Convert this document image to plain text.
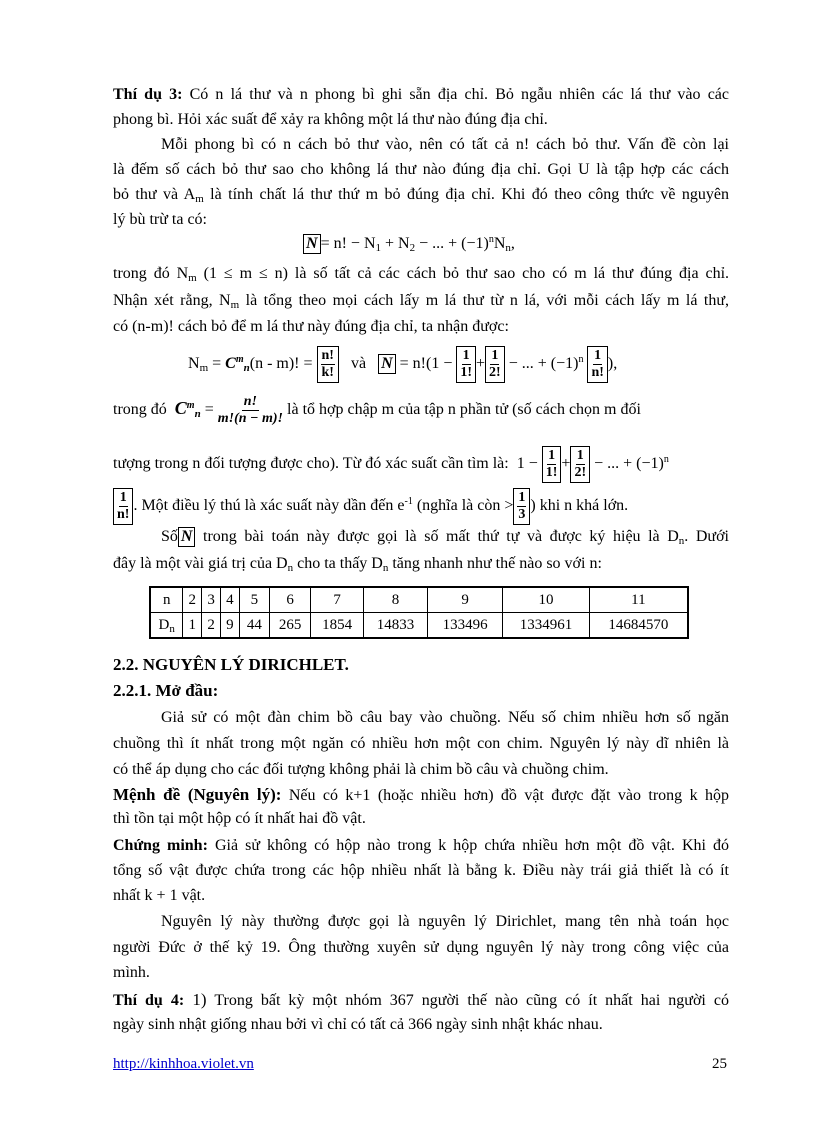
Thí dụ 3: Có n lá thư và n phong bì ghi sẵn địa chỉ. Bỏ ngẫu nhiên các lá thư vào các
phong bì. Hỏi xác suất để xảy ra không một lá thư nào đúng địa chỉ.
Mỗi phong bì có n cách bỏ thư vào, nên có tất cả n! cách bỏ thư. Vấn đề còn lại
là đếm số cách bỏ thư sao cho không lá thư nào đúng địa chỉ. Gọi U là tập hợp các cách
bỏ thư và $A_m$ là tính chất lá thư thứ m bỏ đúng địa chỉ. Khi đó theo công thức về nguyên
lý bù trừ ta có:
$\overline{N} = n$! − $N_1 + N_2$ − ... + $(-1)^nN_n$,
trong đó $N_m$ (1 ≤ m ≤ n) là số tất cả các cách bỏ thư sao cho có m lá thư đúng địa chỉ.
Nhận xét rằng, $N_m$ là tổng theo mọi cách lấy m lá thư từ n lá, với mỗi cách lấy m lá thư,
có (n-m)! cách bỏ để m lá thư này đúng địa chỉ, ta nhận được:
$N_m = C^m_n(n - m)$! = $\frac{n!}{k!}$ và $\overline{N} = n!(1 - \frac{1}{1!} + \frac{1}{2!}$ − ... + $(-1)^n \frac{1}{n!}$ ),
trong đó $C^m_n = \frac{n!}{m!(n - m)!}$ là tổ hợp chập m của tập n phần tử (số cách chọn m đối
tượng trong n đối tượng được cho). Từ đó xác suất cần tìm là: $1 - \frac{1}{1!} + \frac{1}{2!}$ − ... + $(-1)^n$
$\frac{1}{n!}$ . Một điều lý thú là xác suất này dần đến $e^{-1}$ (nghĩa là còn > $\frac{1}{3}$ ) khi n khá lớn.
Số $\overline{N}$ trong bài toán này được gọi là số mất thứ tự và được ký hiệu là $D_n$. Dưới
đây là một vài giá trị của $D_n$ cho ta thấy $D_n$ tăng nhanh như thế nào so với n:
n	2	3	4	5	6	7	8	9	10	11
$D_n$	1	2	9	44	265	1854	14833	133496	1334961	14684570
2.2. NGUYÊN LÝ DIRICHLET.
2.2.1. Mở đầu:
Giả sử có một đàn chim bồ câu bay vào chuồng. Nếu số chim nhiều hơn số ngăn
chuồng thì ít nhất trong một ngăn có nhiều hơn một con chim. Nguyên lý này dĩ nhiên là
có thể áp dụng cho các đối tượng không phải là chim bồ câu và chuồng chim.
Mệnh đề (Nguyên lý): Nếu có k+1 (hoặc nhiều hơn) đồ vật được đặt vào trong k hộp
thì tồn tại một hộp có ít nhất hai đồ vật.
Chứng minh: Giả sử không có hộp nào trong k hộp chứa nhiều hơn một đồ vật. Khi đó
tổng số vật được chứa trong các hộp nhiều nhất là bằng k. Điều này trái giả thiết là có ít
nhất k + 1 vật.
Nguyên lý này thường được gọi là nguyên lý Dirichlet, mang tên nhà toán học
người Đức ở thế kỷ 19. Ông thường xuyên sử dụng nguyên lý này trong công việc của
mình.
Thí dụ 4: 1) Trong bất kỳ một nhóm 367 người thế nào cũng có ít nhất hai người có
ngày sinh nhật giống nhau bởi vì chỉ có tất cả 366 ngày sinh nhật khác nhau.
http://kinhhoa.violet.vn	25
